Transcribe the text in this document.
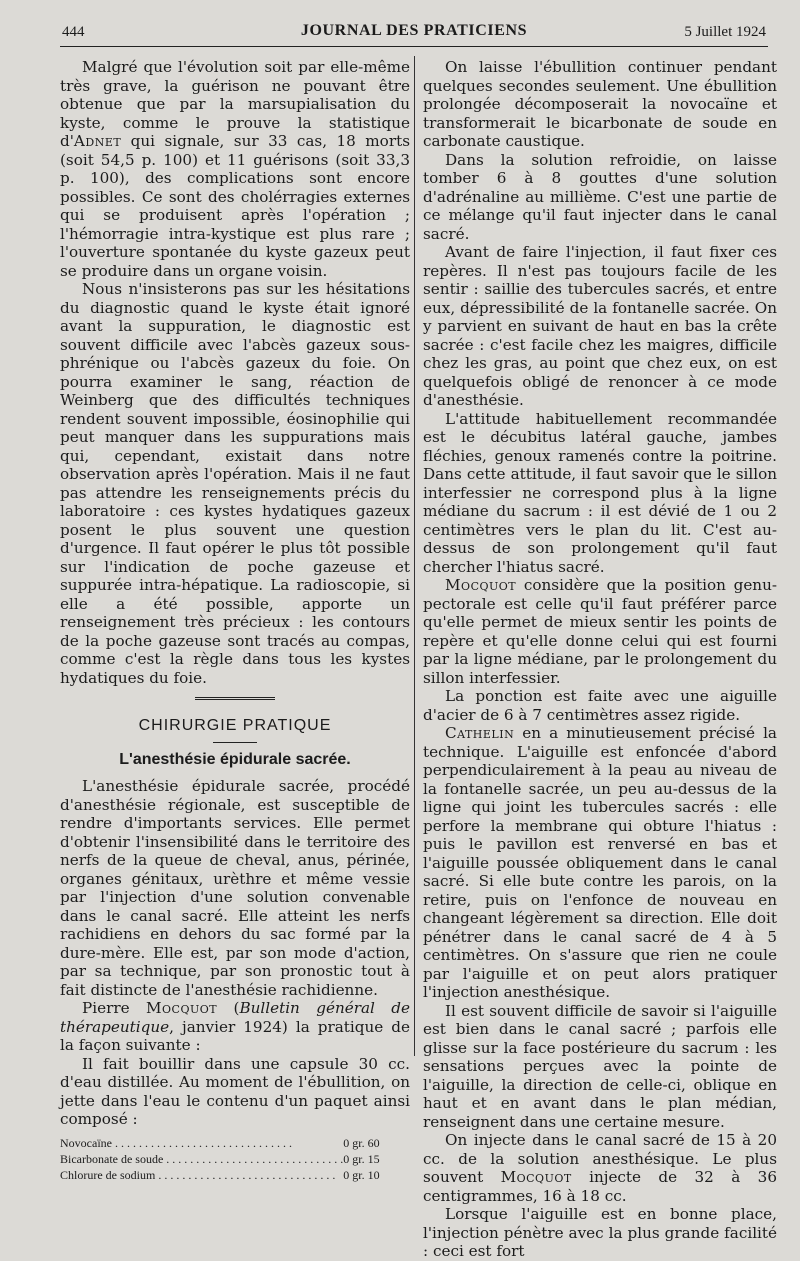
444	JOURNAL DES PRATICIENS	5 Juillet 1924

Malgré que l'évolution soit par elle-même très grave, la guérison ne pouvant être obtenue que par la marsupialisation du kyste, comme le prouve la statistique d'Adnet qui signale, sur 33 cas, 18 morts (soit 54,5 p. 100) et 11 guérisons (soit 33,3 p. 100), des complications sont encore possibles. Ce sont des cholérragies externes qui se produisent après l'opération ; l'hémorragie intra-kystique est plus rare ; l'ouverture spontanée du kyste gazeux peut se produire dans un organe voisin.

Nous n'insisterons pas sur les hésitations du diagnostic quand le kyste était ignoré avant la suppuration, le diagnostic est souvent difficile avec l'abcès gazeux sous-phrénique ou l'abcès gazeux du foie. On pourra examiner le sang, réaction de Weinberg que des difficultés techniques rendent souvent impossible, éosinophilie qui peut manquer dans les suppurations mais qui, cependant, existait dans notre observation après l'opération. Mais il ne faut pas attendre les renseignements précis du laboratoire : ces kystes hydatiques gazeux posent le plus souvent une question d'urgence. Il faut opérer le plus tôt possible sur l'indication de poche gazeuse et suppurée intra-hépatique. La radioscopie, si elle a été possible, apporte un renseignement très précieux : les contours de la poche gazeuse sont tracés au compas, comme c'est la règle dans tous les kystes hydatiques du foie.

CHIRURGIE PRATIQUE
L'anesthésie épidurale sacrée.

L'anesthésie épidurale sacrée, procédé d'anesthésie régionale, est susceptible de rendre d'importants services. Elle permet d'obtenir l'insensibilité dans le territoire des nerfs de la queue de cheval, anus, périnée, organes génitaux, urèthre et même vessie par l'injection d'une solution convenable dans le canal sacré. Elle atteint les nerfs rachidiens en dehors du sac formé par la dure-mère. Elle est, par son mode d'action, par sa technique, par son pronostic tout à fait distincte de l'anesthésie rachidienne.

Pierre Mocquot (Bulletin général de thérapeutique, janvier 1924) la pratique de la façon suivante :

Il fait bouillir dans une capsule 30 cc. d'eau distillée. Au moment de l'ébullition, on jette dans l'eau le contenu d'un paquet ainsi composé :

Novocaïne . . . . . . . . . . . . . . . . . . . . . . . . . . . . . .	0 gr. 60
Bicarbonate de soude . . . . . . . . . . . . . . . . . . . . . . . . . . . . . .	0 gr. 15
Chlorure de sodium . . . . . . . . . . . . . . . . . . . . . . . . . . . . . .	0 gr. 10

On laisse l'ébullition continuer pendant quelques secondes seulement. Une ébullition prolongée décomposerait la novocaïne et transformerait le bicarbonate de soude en carbonate caustique.

Dans la solution refroidie, on laisse tomber 6 à 8 gouttes d'une solution d'adrénaline au millième. C'est une partie de ce mélange qu'il faut injecter dans le canal sacré.

Avant de faire l'injection, il faut fixer ces repères. Il n'est pas toujours facile de les sentir : saillie des tubercules sacrés, et entre eux, dépressibilité de la fontanelle sacrée. On y parvient en suivant de haut en bas la crête sacrée : c'est facile chez les maigres, difficile chez les gras, au point que chez eux, on est quelquefois obligé de renoncer à ce mode d'anesthésie.

L'attitude habituellement recommandée est le décubitus latéral gauche, jambes fléchies, genoux ramenés contre la poitrine. Dans cette attitude, il faut savoir que le sillon interfessier ne correspond plus à la ligne médiane du sacrum : il est dévié de 1 ou 2 centimètres vers le plan du lit. C'est au-dessus de son prolongement qu'il faut chercher l'hiatus sacré.

Mocquot considère que la position genu-pectorale est celle qu'il faut préférer parce qu'elle permet de mieux sentir les points de repère et qu'elle donne celui qui est fourni par la ligne médiane, par le prolongement du sillon interfessier.

La ponction est faite avec une aiguille d'acier de 6 à 7 centimètres assez rigide.

Cathelin en a minutieusement précisé la technique. L'aiguille est enfoncée d'abord perpendiculairement à la peau au niveau de la fontanelle sacrée, un peu au-dessus de la ligne qui joint les tubercules sacrés : elle perfore la membrane qui obture l'hiatus : puis le pavillon est renversé en bas et l'aiguille poussée obliquement dans le canal sacré. Si elle bute contre les parois, on la retire, puis on l'enfonce de nouveau en changeant légèrement sa direction. Elle doit pénétrer dans le canal sacré de 4 à 5 centimètres. On s'assure que rien ne coule par l'aiguille et on peut alors pratiquer l'injection anesthésique.

Il est souvent difficile de savoir si l'aiguille est bien dans le canal sacré ; parfois elle glisse sur la face postérieure du sacrum : les sensations perçues avec la pointe de l'aiguille, la direction de celle-ci, oblique en haut et en avant dans le plan médian, renseignent dans une certaine mesure.

On injecte dans le canal sacré de 15 à 20 cc. de la solution anesthésique. Le plus souvent Mocquot injecte de 32 à 36 centigrammes, 16 à 18 cc.

Lorsque l'aiguille est en bonne place, l'injection pénètre avec la plus grande facilité : ceci est fort
